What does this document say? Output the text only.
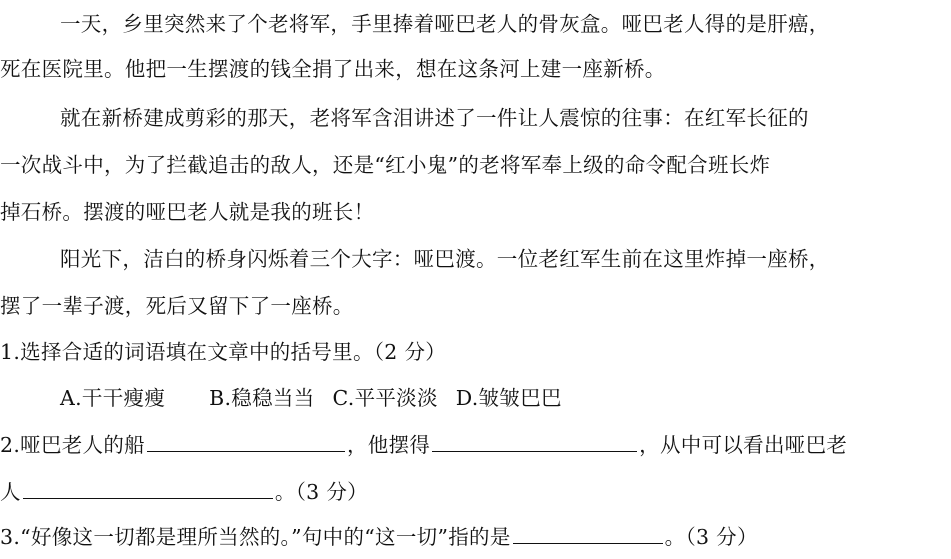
一天，乡里突然来了个老将军，手里捧着哑巴老人的骨灰盒。哑巴老人得的是肝癌，
死在医院里。他把一生摆渡的钱全捐了出来，想在这条河上建一座新桥。
就在新桥建成剪彩的那天，老将军含泪讲述了一件让人震惊的往事：在红军长征的
一次战斗中，为了拦截追击的敌人，还是“红小鬼”的老将军奉上级的命令配合班长炸
掉石桥。摆渡的哑巴老人就是我的班长！
阳光下，洁白的桥身闪烁着三个大字：哑巴渡。一位老红军生前在这里炸掉一座桥，
摆了一辈子渡，死后又留下了一座桥。
1.选择合适的词语填在文章中的括号里。（2 分）
A.干干瘦瘦 B.稳稳当当 C.平平淡淡 D.皱皱巴巴
2.哑巴老人的船	，他摆得	，从中可以看出哑巴老
人	。（3 分）
3.“好像这一切都是理所当然的。”句中的“这一切”指的是	。（3 分）
